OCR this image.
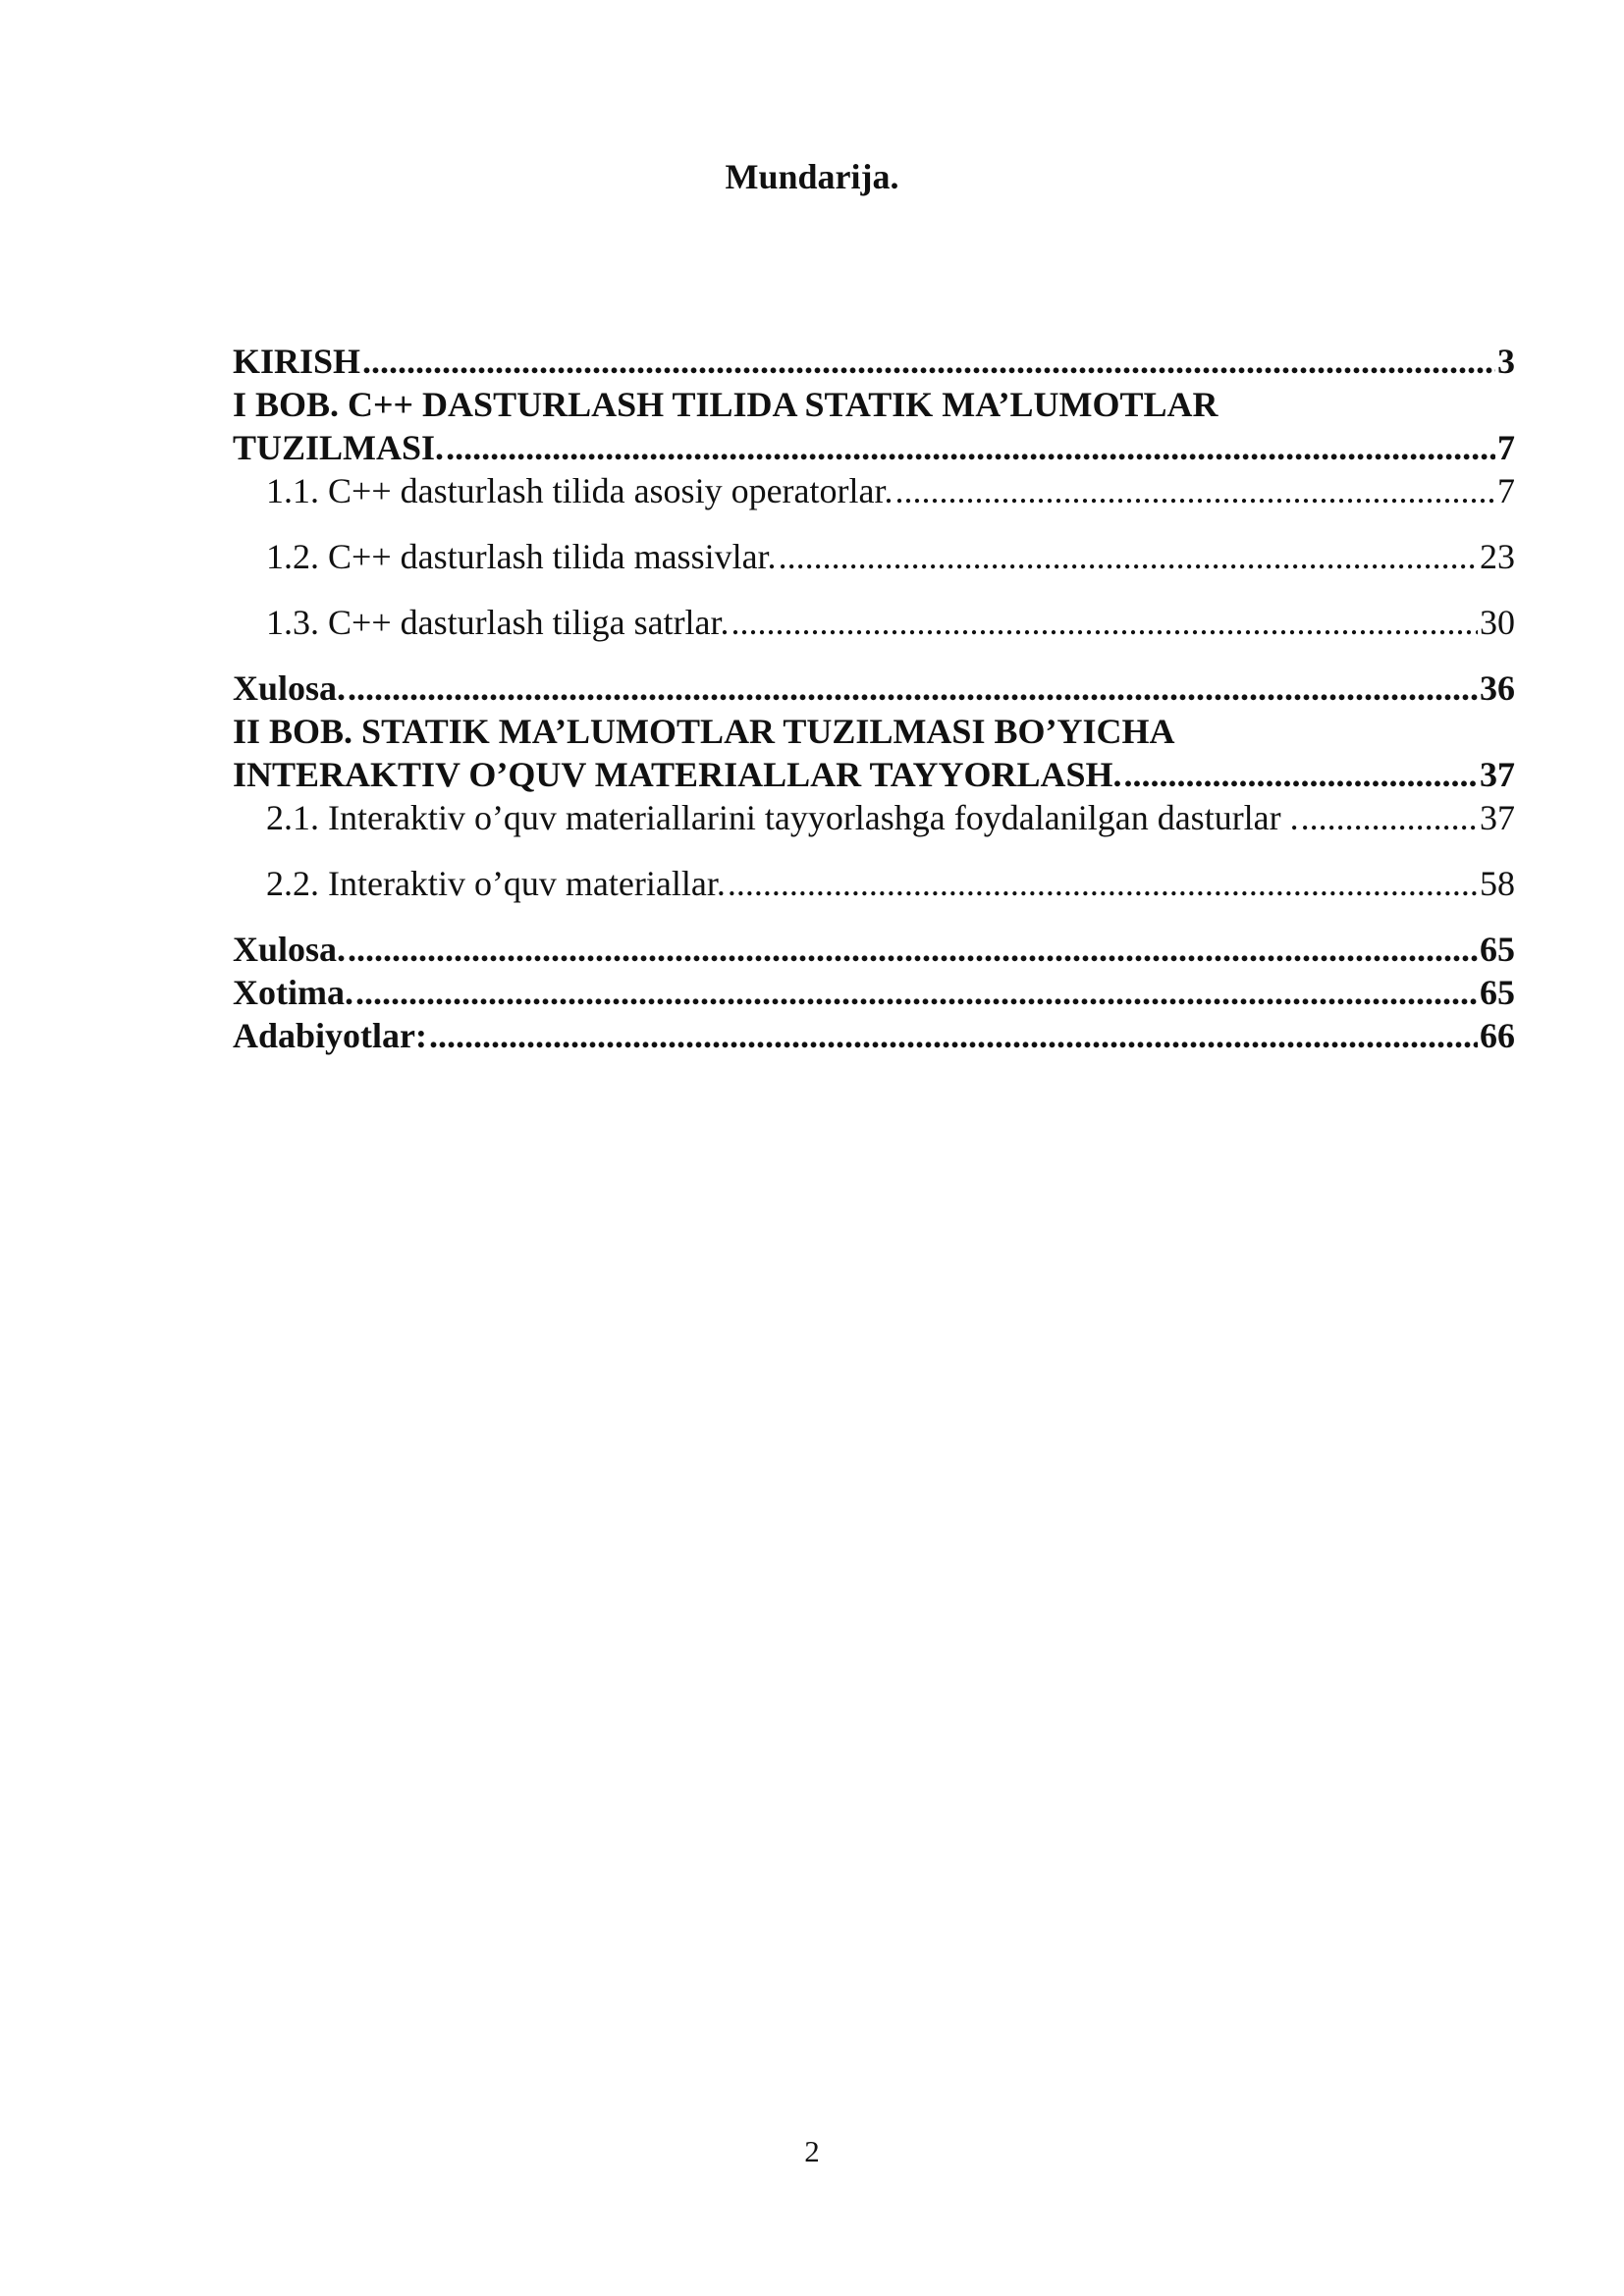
Mundarija.
KIRISH .....	3
I BOB. C++ DASTURLASH TILIDA STATIK MA’LUMOTLAR
TUZILMASI. .....	7
1.1. C++ dasturlash tilida asosiy operatorlar. .....	7
1.2. C++ dasturlash tilida massivlar. .....	23
1.3. C++ dasturlash tiliga satrlar. .....	30
Xulosa. .....	36
II BOB. STATIK MA’LUMOTLAR TUZILMASI BO’YICHA
INTERAKTIV O’QUV MATERIALLAR TAYYORLASH. .....	37
2.1. Interaktiv o’quv materiallarini tayyorlashga foydalanilgan dasturlar . .....	37
2.2. Interaktiv o’quv materiallar. .....	58
Xulosa. .....	65
Xotima. .....	65
Adabiyotlar: .....	66
2
